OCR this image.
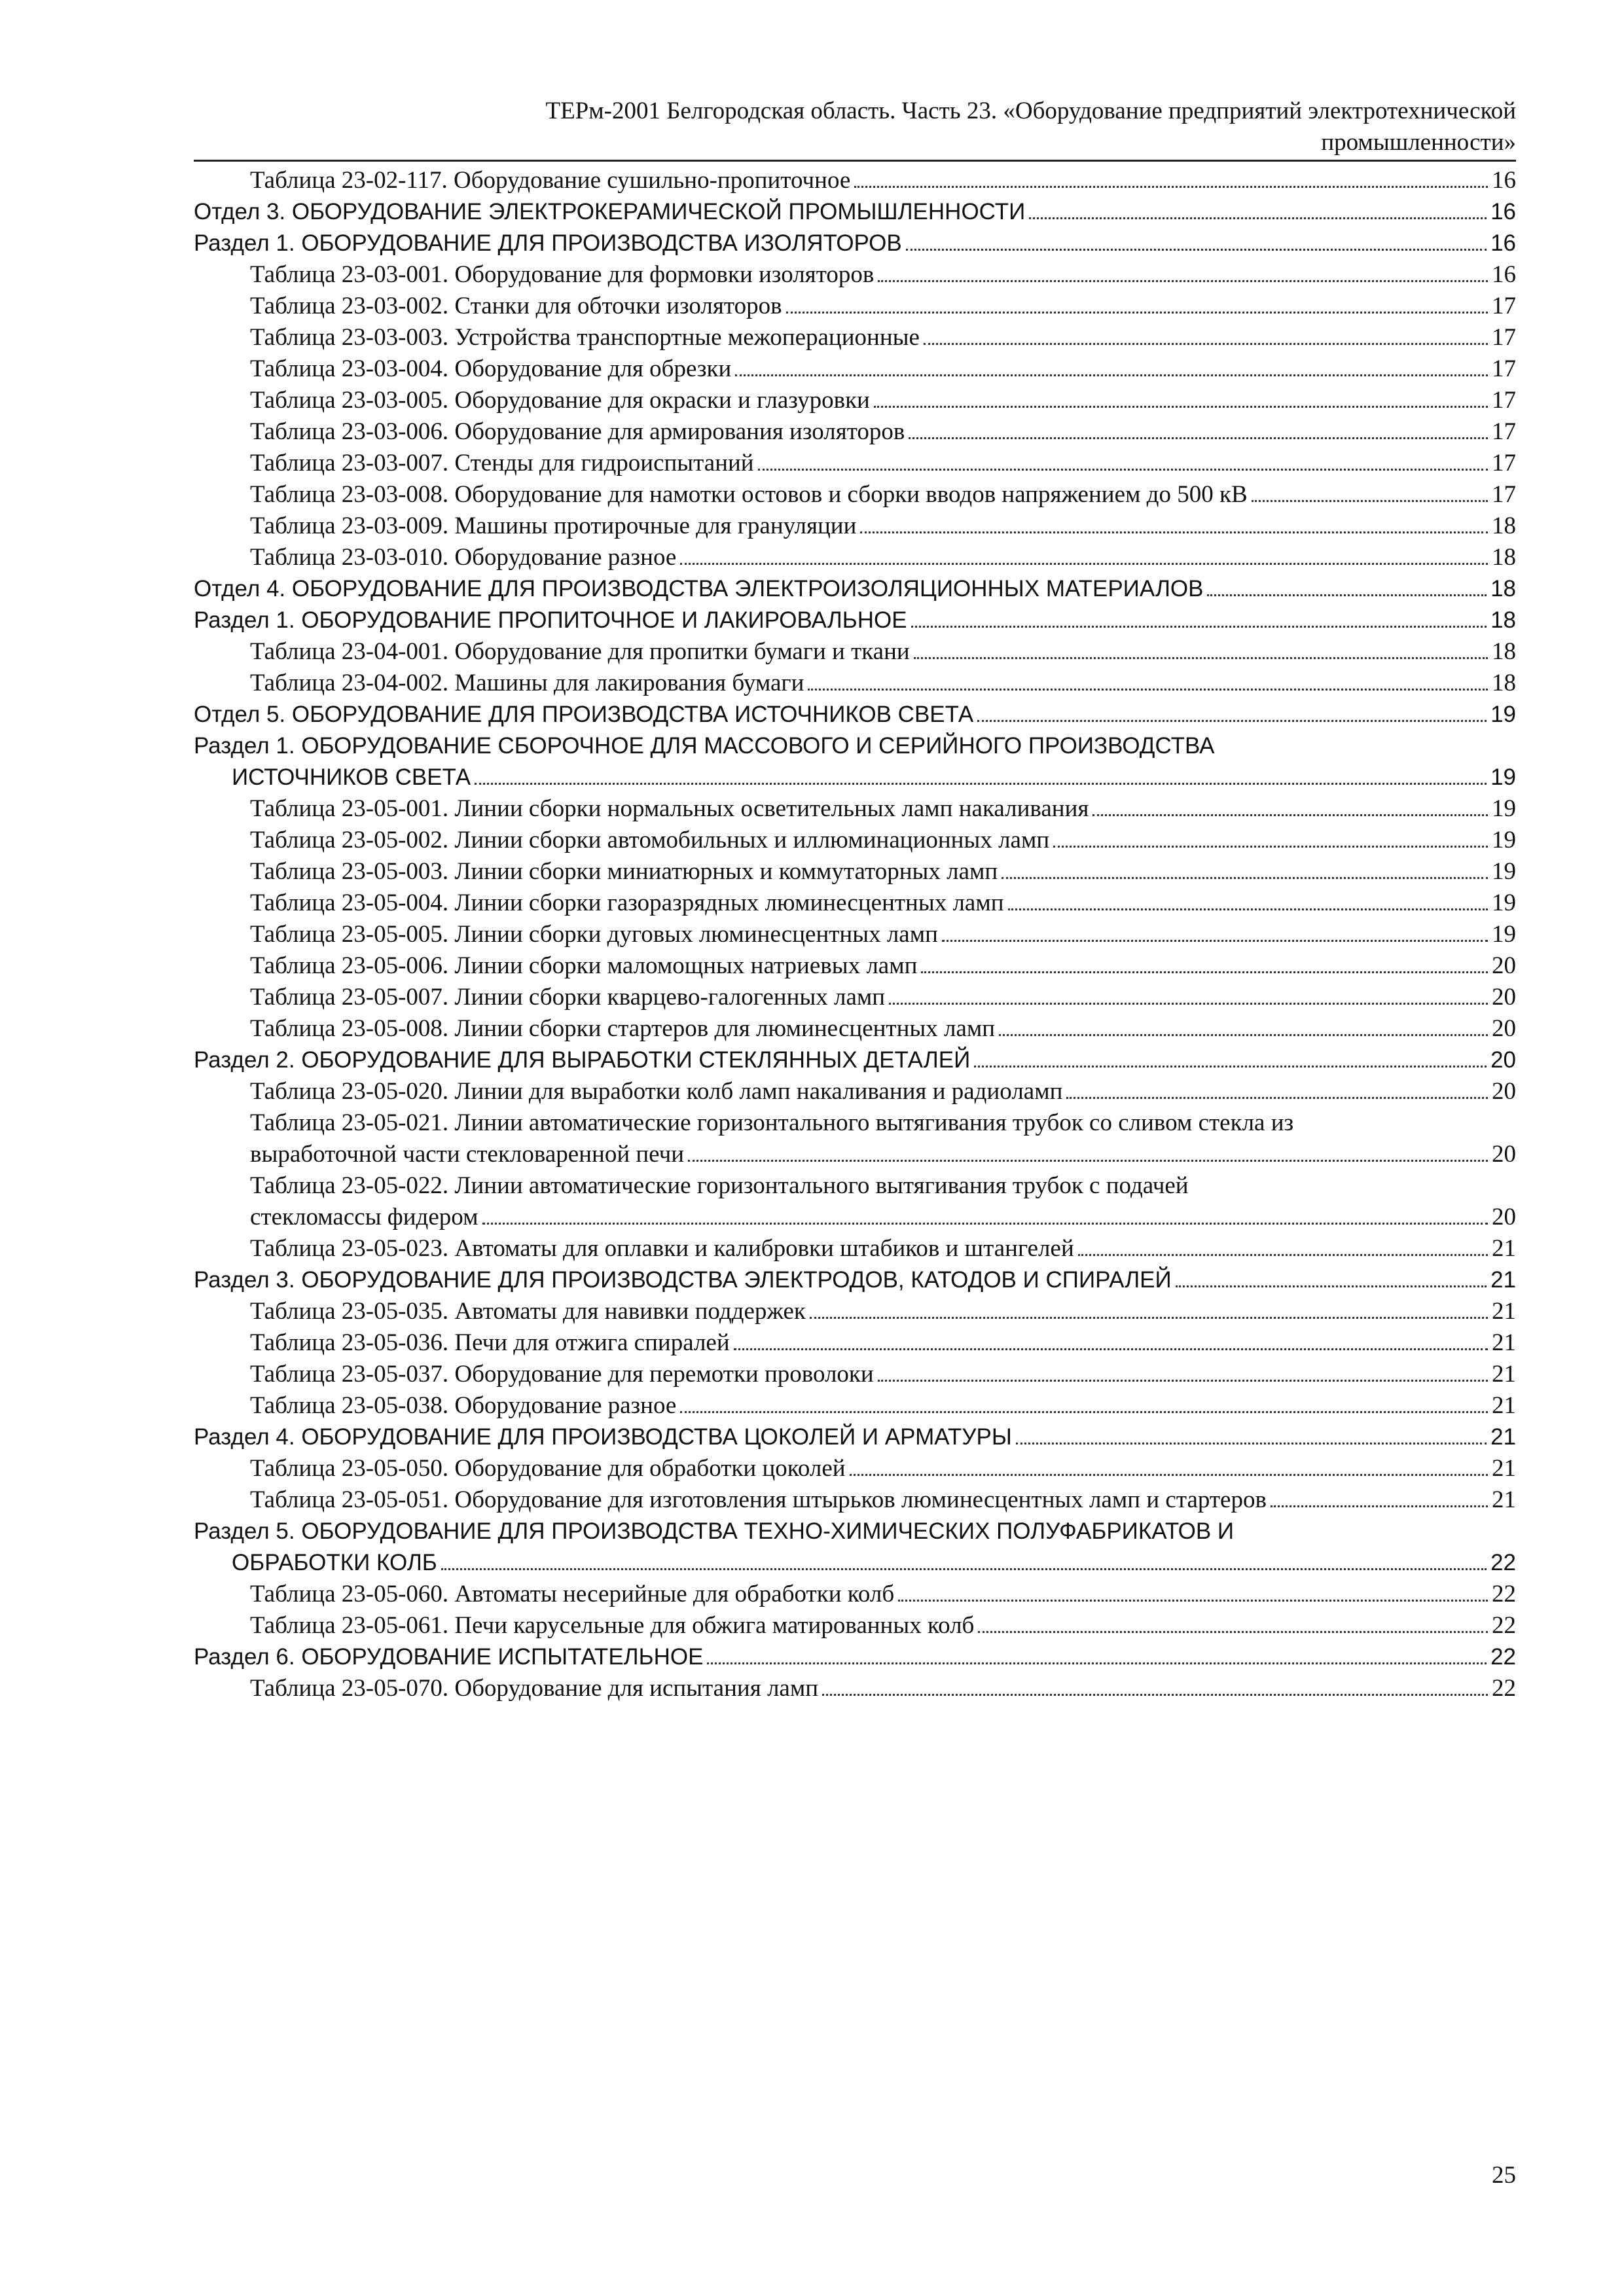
ТЕРм-2001 Белгородская область. Часть 23. «Оборудование предприятий электротехнической
промышленности»
Таблица 23-02-117. Оборудование сушильно-пропиточное	16
Отдел 3. ОБОРУДОВАНИЕ ЭЛЕКТРОКЕРАМИЧЕСКОЙ ПРОМЫШЛЕННОСТИ	16
Раздел 1. ОБОРУДОВАНИЕ ДЛЯ ПРОИЗВОДСТВА ИЗОЛЯТОРОВ	16
Таблица 23-03-001. Оборудование для формовки изоляторов	16
Таблица 23-03-002. Станки для обточки изоляторов	17
Таблица 23-03-003. Устройства транспортные межоперационные	17
Таблица 23-03-004. Оборудование для обрезки	17
Таблица 23-03-005. Оборудование для окраски и глазуровки	17
Таблица 23-03-006. Оборудование для армирования изоляторов	17
Таблица 23-03-007. Стенды для гидроиспытаний	17
Таблица 23-03-008. Оборудование для намотки остовов и сборки вводов напряжением до 500 кВ	17
Таблица 23-03-009. Машины протирочные для грануляции	18
Таблица 23-03-010. Оборудование разное	18
Отдел 4. ОБОРУДОВАНИЕ ДЛЯ ПРОИЗВОДСТВА ЭЛЕКТРОИЗОЛЯЦИОННЫХ МАТЕРИАЛОВ	18
Раздел 1. ОБОРУДОВАНИЕ ПРОПИТОЧНОЕ И ЛАКИРОВАЛЬНОЕ	18
Таблица 23-04-001. Оборудование для пропитки бумаги и ткани	18
Таблица 23-04-002. Машины для лакирования бумаги	18
Отдел 5. ОБОРУДОВАНИЕ ДЛЯ ПРОИЗВОДСТВА ИСТОЧНИКОВ СВЕТА	19
Раздел 1. ОБОРУДОВАНИЕ СБОРОЧНОЕ ДЛЯ МАССОВОГО И СЕРИЙНОГО ПРОИЗВОДСТВА
ИСТОЧНИКОВ СВЕТА	19
Таблица 23-05-001. Линии сборки нормальных осветительных ламп накаливания	19
Таблица 23-05-002. Линии сборки автомобильных и иллюминационных ламп	19
Таблица 23-05-003. Линии сборки миниатюрных и коммутаторных ламп	19
Таблица 23-05-004. Линии сборки газоразрядных люминесцентных ламп	19
Таблица 23-05-005. Линии сборки дуговых люминесцентных ламп	19
Таблица 23-05-006. Линии сборки маломощных натриевых ламп	20
Таблица 23-05-007. Линии сборки кварцево-галогенных ламп	20
Таблица 23-05-008. Линии сборки стартеров для люминесцентных ламп	20
Раздел 2. ОБОРУДОВАНИЕ ДЛЯ ВЫРАБОТКИ СТЕКЛЯННЫХ ДЕТАЛЕЙ	20
Таблица 23-05-020. Линии для выработки колб ламп накаливания и радиоламп	20
Таблица 23-05-021. Линии автоматические горизонтального вытягивания трубок со сливом стекла из
выработочной части стекловаренной печи	20
Таблица 23-05-022. Линии автоматические горизонтального вытягивания трубок с подачей
стекломассы фидером	20
Таблица 23-05-023. Автоматы для оплавки и калибровки штабиков и штангелей	21
Раздел 3. ОБОРУДОВАНИЕ ДЛЯ ПРОИЗВОДСТВА ЭЛЕКТРОДОВ, КАТОДОВ И СПИРАЛЕЙ	21
Таблица 23-05-035. Автоматы для навивки поддержек	21
Таблица 23-05-036. Печи для отжига спиралей	21
Таблица 23-05-037. Оборудование для перемотки проволоки	21
Таблица 23-05-038. Оборудование разное	21
Раздел 4. ОБОРУДОВАНИЕ ДЛЯ ПРОИЗВОДСТВА ЦОКОЛЕЙ И АРМАТУРЫ	21
Таблица 23-05-050. Оборудование для обработки цоколей	21
Таблица 23-05-051. Оборудование для изготовления штырьков люминесцентных ламп и стартеров	21
Раздел 5. ОБОРУДОВАНИЕ ДЛЯ ПРОИЗВОДСТВА ТЕХНО-ХИМИЧЕСКИХ ПОЛУФАБРИКАТОВ И
ОБРАБОТКИ КОЛБ	22
Таблица 23-05-060. Автоматы несерийные для обработки колб	22
Таблица 23-05-061. Печи карусельные для обжига матированных колб	22
Раздел 6. ОБОРУДОВАНИЕ ИСПЫТАТЕЛЬНОЕ	22
Таблица 23-05-070. Оборудование для испытания ламп	22
25
